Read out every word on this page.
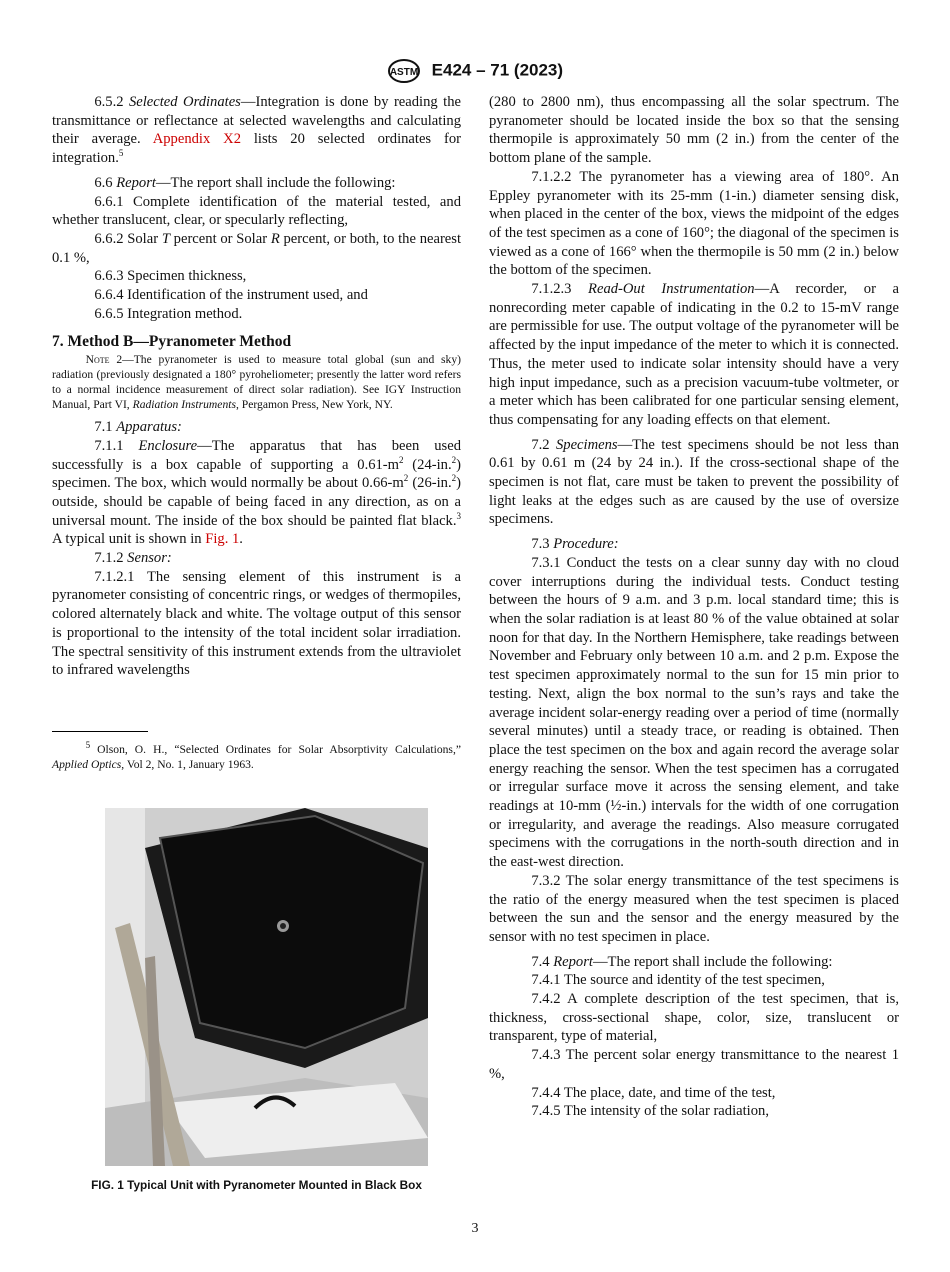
ASTM E424 – 71 (2023)

6.5.2 Selected Ordinates—Integration is done by reading the transmittance or reflectance at selected wavelengths and calculating their average. Appendix X2 lists 20 selected ordinates for integration.$^5$

6.6 Report—The report shall include the following:

6.6.1 Complete identification of the material tested, and whether translucent, clear, or specularly reflecting,

6.6.2 Solar T percent or Solar R percent, or both, to the nearest 0.1 %,

6.6.3 Specimen thickness,

6.6.4 Identification of the instrument used, and

6.6.5 Integration method.

7. Method B—Pyranometer Method

Note 2—The pyranometer is used to measure total global (sun and sky) radiation (previously designated a 180° pyroheliometer; presently the latter word refers to a normal incidence measurement of direct solar radiation). See IGY Instruction Manual, Part VI, Radiation Instruments, Pergamon Press, New York, NY.

7.1 Apparatus:

7.1.1 Enclosure—The apparatus that has been used successfully is a box capable of supporting a $0.61-m^2$ (24-in.$^2$) specimen. The box, which would normally be about $0.66-m^2$ (26-in.$^2$) outside, should be capable of being faced in any direction, as on a universal mount. The inside of the box should be painted flat black.$^3$ A typical unit is shown in Fig. 1.

7.1.2 Sensor:

7.1.2.1 The sensing element of this instrument is a pyranometer consisting of concentric rings, or wedges of thermopiles, colored alternately black and white. The voltage output of this sensor is proportional to the intensity of the total incident solar irradiation. The spectral sensitivity of this instrument extends from the ultraviolet to infrared wavelengths

(280 to 2800 nm), thus encompassing all the solar spectrum. The pyranometer should be located inside the box so that the sensing thermopile is approximately 50 mm (2 in.) from the center of the bottom plane of the sample.

7.1.2.2 The pyranometer has a viewing area of 180°. An Eppley pyranometer with its 25-mm (1-in.) diameter sensing disk, when placed in the center of the box, views the midpoint of the edges of the test specimen as a cone of 160°; the diagonal of the specimen is viewed as a cone of 166° when the thermopile is 50 mm (2 in.) below the bottom of the specimen.

7.1.2.3 Read-Out Instrumentation—A recorder, or a nonrecording meter capable of indicating in the 0.2 to 15-mV range are permissible for use. The output voltage of the pyranometer will be affected by the input impedance of the meter to which it is connected. Thus, the meter used to indicate solar intensity should have a very high input impedance, such as a precision vacuum-tube voltmeter, or a meter which has been calibrated for one particular sensing element, thus compensating for any loading effects on that element.

7.2 Specimens—The test specimens should be not less than 0.61 by 0.61 m (24 by 24 in.). If the cross-sectional shape of the specimen is not flat, care must be taken to prevent the possibility of light leaks at the edges such as are caused by the use of oversize specimens.

7.3 Procedure:

7.3.1 Conduct the tests on a clear sunny day with no cloud cover interruptions during the individual tests. Conduct testing between the hours of 9 a.m. and 3 p.m. local standard time; this is when the solar radiation is at least 80 % of the value obtained at solar noon for that day. In the Northern Hemisphere, take readings between November and February only between 10 a.m. and 2 p.m. Expose the test specimen approximately normal to the sun for 15 min prior to testing. Next, align the box normal to the sun’s rays and take the average incident solar-energy reading over a period of time (normally several minutes) until a steady trace, or reading is obtained. Then place the test specimen on the box and again record the average solar energy reaching the sensor. When the test specimen has a corrugated or irregular surface move it across the sensing element, and take readings at 10-mm (½-in.) intervals for the width of one corrugation or irregularity, and average the readings. Also measure corrugated specimens with the corrugations in the north-south direction and in the east-west direction.

7.3.2 The solar energy transmittance of the test specimens is the ratio of the energy measured when the test specimen is placed between the sun and the sensor and the energy measured by the sensor with no test specimen in place.

7.4 Report—The report shall include the following:

7.4.1 The source and identity of the test specimen,

7.4.2 A complete description of the test specimen, that is, thickness, cross-sectional shape, color, size, translucent or transparent, type of material,

7.4.3 The percent solar energy transmittance to the nearest 1 %,

7.4.4 The place, date, and time of the test,

7.4.5 The intensity of the solar radiation,

$^5$ Olson, O. H., “Selected Ordinates for Solar Absorptivity Calculations,” Applied Optics, Vol 2, No. 1, January 1963.
FIG. 1 Typical Unit with Pyranometer Mounted in Black Box
3
